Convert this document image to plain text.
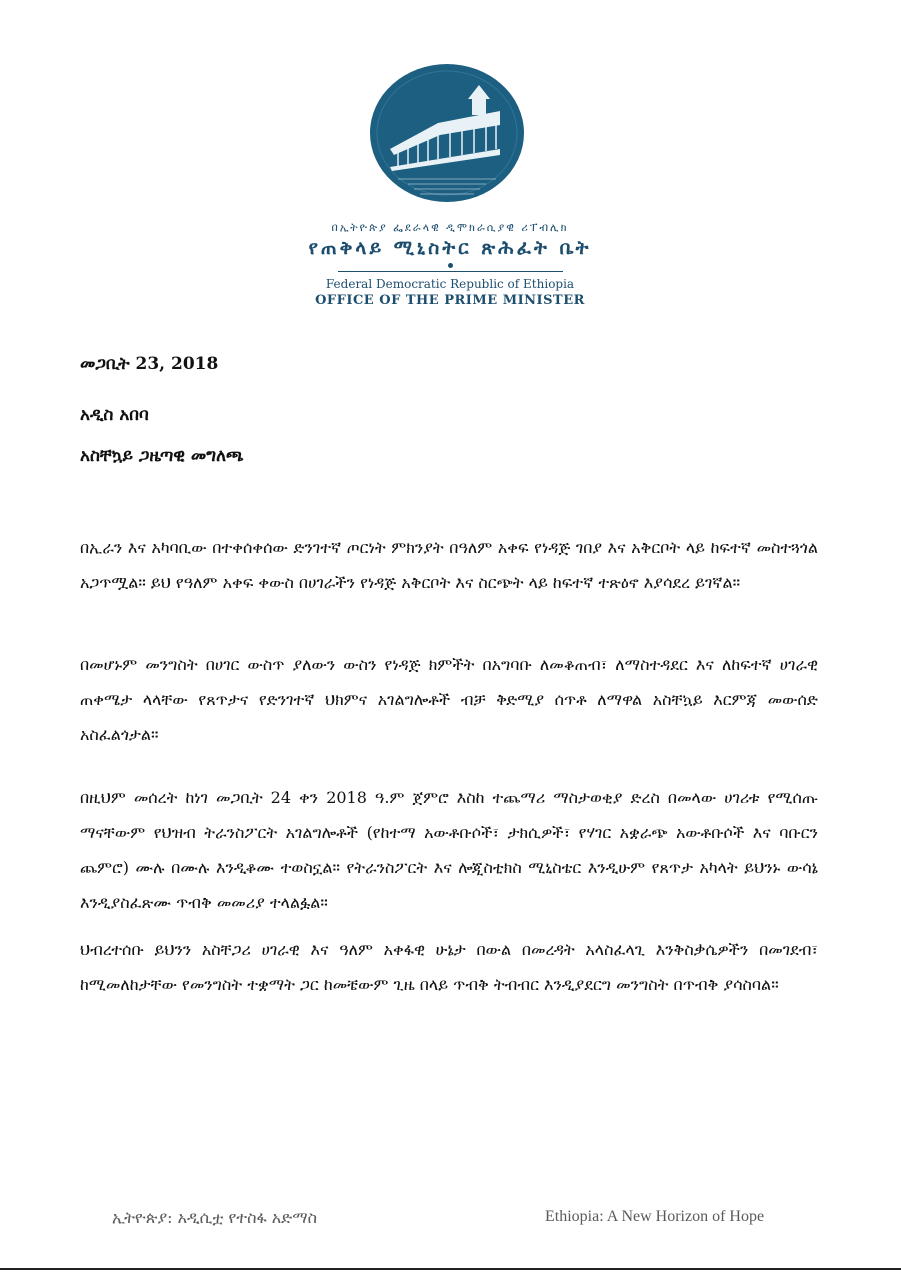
በኢትዮጵያ ፌደራላዊ ዲሞክራሲያዊ ሪፐብሊክ
የጠቅላይ ሚኒስትር ጽሕፈት ቤት
Federal Democratic Republic of Ethiopia
OFFICE OF THE PRIME MINISTER
መጋቢት 23, 2018
አዲስ አበባ
አስቸኳይ ጋዜጣዊ መግለጫ

በኢራን እና አካባቢው በተቀሰቀሰው ድንገተኛ ጦርነት ምክንያት በዓለም አቀፍ የነዳጅ ገበያ እና አቅርቦት ላይ ከፍተኛ መስተጓጎል አጋጥሟል። ይህ የዓለም አቀፍ ቀውስ በሀገራችን የነዳጅ አቅርቦት እና ስርጭት ላይ ከፍተኛ ተጽዕኖ እያሳደረ ይገኛል።

በመሆኑም መንግስት በሀገር ውስጥ ያለውን ውስን የነዳጅ ክምችት በአግባቡ ለመቆጠብ፣ ለማስተዳደር እና ለከፍተኛ ሀገራዊ ጠቀሜታ ላላቸው የጸጥታና የድንገተኛ ህክምና አገልግሎቶች ብቻ ቅድሚያ ሰጥቶ ለማዋል አስቸኳይ እርምጃ መውሰድ አስፈልጎታል።

በዚህም መሰረት ከነገ መጋቢት 24 ቀን 2018 ዓ.ም ጀምሮ እስከ ተጨማሪ ማስታወቂያ ድረስ በመላው ሀገሪቱ የሚሰጡ ማናቸውም የህዝብ ትራንስፖርት አገልግሎቶች (የከተማ አውቶቡሶች፣ ታክሲዎች፣ የሃገር አቋራጭ አውቶቡሶች እና ባቡርን ጨምሮ) ሙሉ በሙሉ እንዲቆሙ ተወስኗል። የትራንስፖርት እና ሎጂስቲክስ ሚኒስቴር እንዲሁም የጸጥታ አካላት ይህንኑ ውሳኔ እንዲያስፈጽሙ ጥብቅ መመሪያ ተላልፏል።

ህብረተሰቡ ይህንን አስቸጋሪ ሀገራዊ እና ዓለም አቀፋዊ ሁኔታ በውል በመረዳት አላስፈላጊ እንቅስቃሴዎችን በመገደብ፣ ከሚመለከታቸው የመንግስት ተቋማት ጋር ከመቼውም ጊዜ በላይ ጥብቅ ትብብር እንዲያደርግ መንግስት በጥብቅ ያሳስባል።

ኢትዮጵያ: አዲሲቷ የተስፋ አድማስ	Ethiopia: A New Horizon of Hope
